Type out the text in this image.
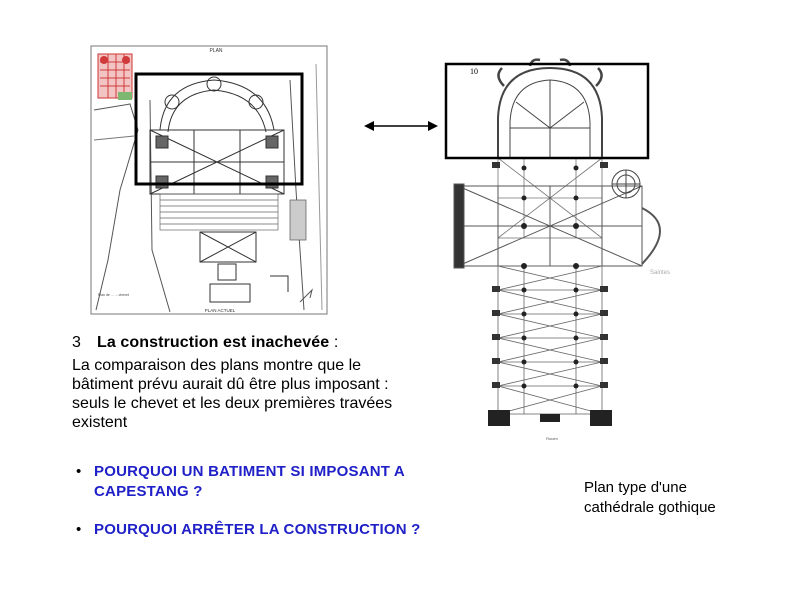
PLAN
PLAN ACTUEL
Plan de ... ... chevet
10
Saintes
Rouen
3 La construction est inachevée :
La comparaison des plans montre que le
bâtiment prévu aurait dû être plus imposant :
seuls le chevet et les deux premières travées
existent
• POURQUOI UN BATIMENT SI IMPOSANT A
CAPESTANG ?
• POURQUOI ARRÊTER LA CONSTRUCTION ?
Plan type d'une
cathédrale gothique
